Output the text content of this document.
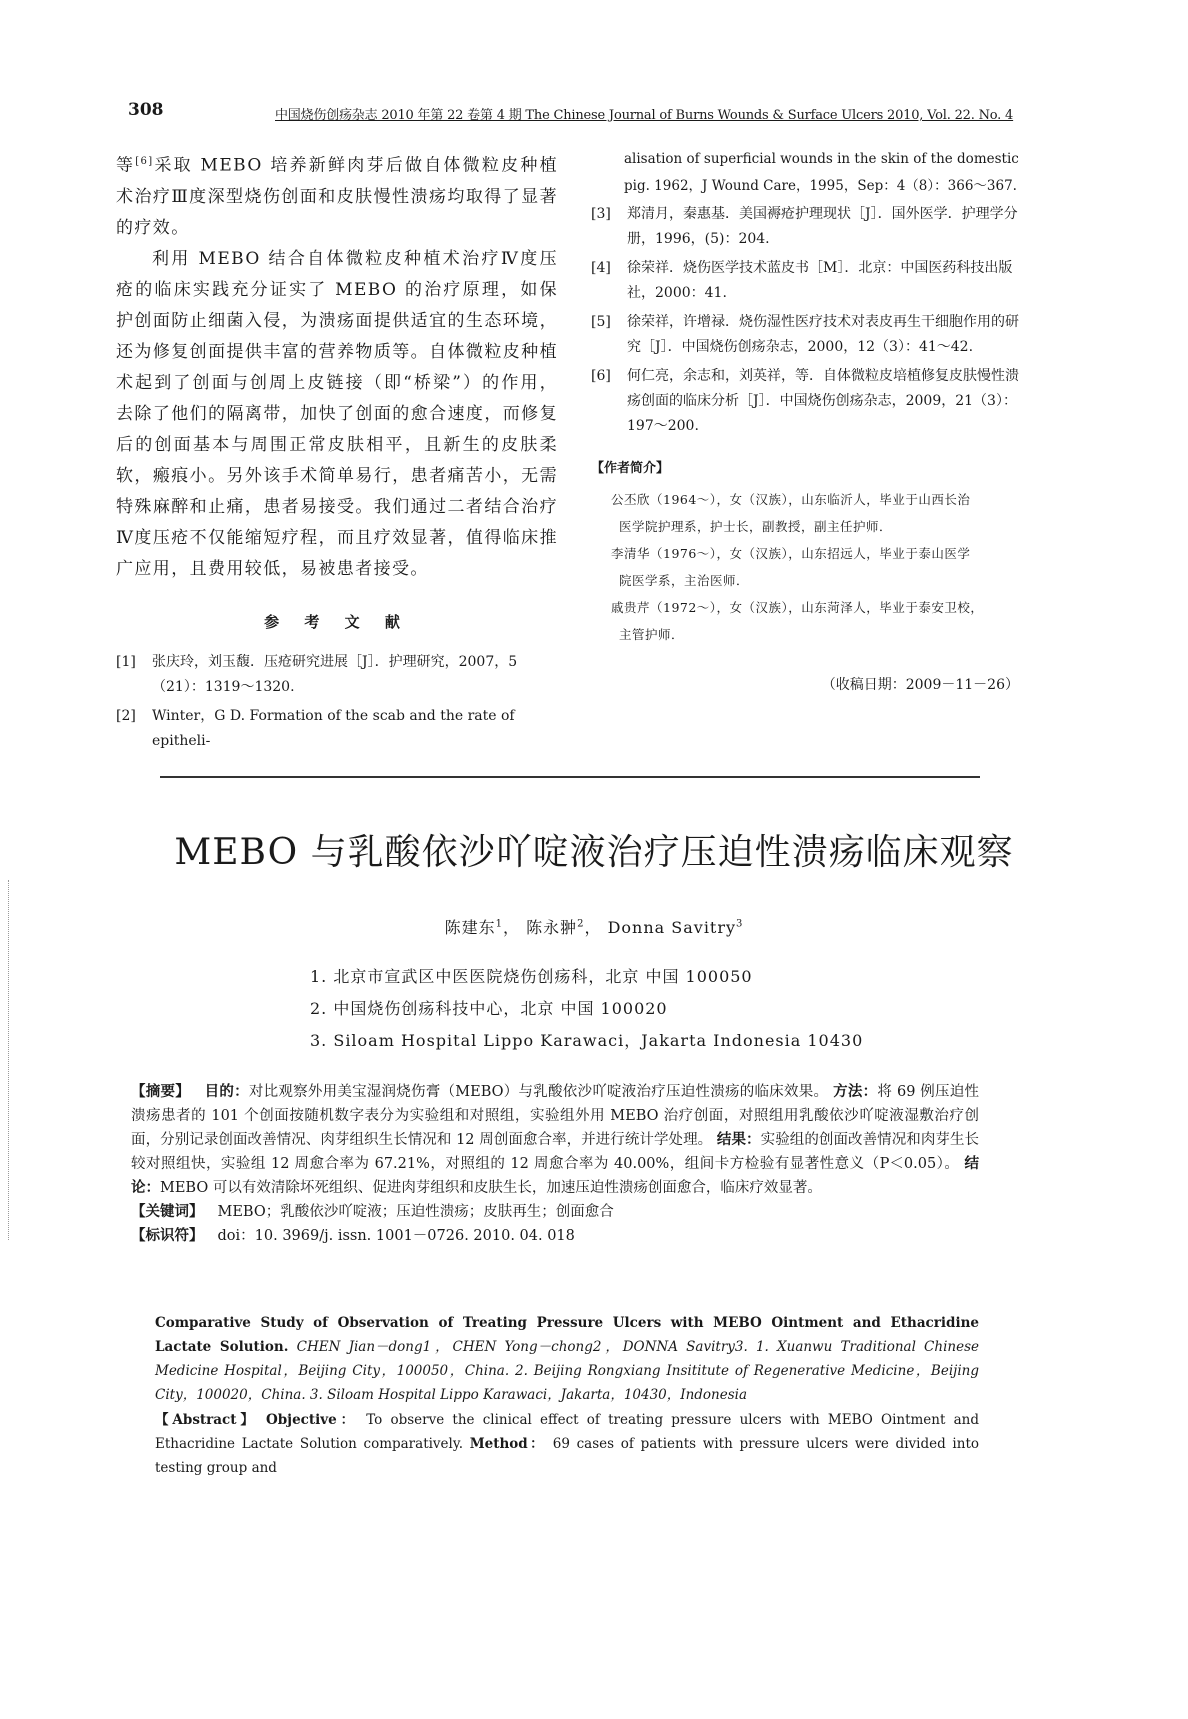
308	中国烧伤创疡杂志 2010 年第 22 卷第 4 期 The Chinese Journal of Burns Wounds & Surface Ulcers 2010, Vol. 22. No. 4

等[6]采取 MEBO 培养新鲜肉芽后做自体微粒皮种植术治疗Ⅲ度深型烧伤创面和皮肤慢性溃疡均取得了显著的疗效。

利用 MEBO 结合自体微粒皮种植术治疗Ⅳ度压疮的临床实践充分证实了 MEBO 的治疗原理，如保护创面防止细菌入侵，为溃疡面提供适宜的生态环境，还为修复创面提供丰富的营养物质等。自体微粒皮种植术起到了创面与创周上皮链接（即“桥梁”）的作用，去除了他们的隔离带，加快了创面的愈合速度，而修复后的创面基本与周围正常皮肤相平，且新生的皮肤柔软，瘢痕小。另外该手术简单易行，患者痛苦小，无需特殊麻醉和止痛，患者易接受。我们通过二者结合治疗Ⅳ度压疮不仅能缩短疗程，而且疗效显著，值得临床推广应用，且费用较低，易被患者接受。

参 考 文 献
[1]	张庆玲，刘玉馥．压疮研究进展［J］．护理研究，2007，5（21）：1319～1320.
[2]	Winter，G D. Formation of the scab and the rate of epitheli-
alisation of superficial wounds in the skin of the domestic pig. 1962，J Wound Care，1995，Sep：4（8）：366～367.
[3]	郑清月，秦惠基．美国褥疮护理现状［J］．国外医学．护理学分册，1996，(5)：204.
[4]	徐荣祥．烧伤医学技术蓝皮书［M］．北京：中国医药科技出版社，2000：41.
[5]	徐荣祥，许增禄．烧伤湿性医疗技术对表皮再生干细胞作用的研究［J］．中国烧伤创疡杂志，2000，12（3）：41～42.
[6]	何仁亮，余志和，刘英祥，等．自体微粒皮培植修复皮肤慢性溃疡创面的临床分析［J］．中国烧伤创疡杂志，2009，21（3）：197～200.
【作者简介】
公丕欣（1964～），女（汉族），山东临沂人，毕业于山西长治
医学院护理系，护士长，副教授，副主任护师．
李清华（1976～），女（汉族），山东招远人，毕业于泰山医学
院医学系，主治医师．
戚贵芹（1972～），女（汉族），山东菏泽人，毕业于泰安卫校，
主管护师．
（收稿日期：2009－11－26）
MEBO 与乳酸依沙吖啶液治疗压迫性溃疡临床观察
陈建东$^1$， 陈永翀$^2$， Donna Savitry$^3$
1. 北京市宣武区中医医院烧伤创疡科，北京 中国 100050
2. 中国烧伤创疡科技中心，北京 中国 100020
3. Siloam Hospital Lippo Karawaci，Jakarta Indonesia 10430
【摘要】 目的：对比观察外用美宝湿润烧伤膏（MEBO）与乳酸依沙吖啶液治疗压迫性溃疡的临床效果。 方法：将 69 例压迫性溃疡患者的 101 个创面按随机数字表分为实验组和对照组，实验组外用 MEBO 治疗创面，对照组用乳酸依沙吖啶液湿敷治疗创面，分别记录创面改善情况、肉芽组织生长情况和 12 周创面愈合率，并进行统计学处理。 结果：实验组的创面改善情况和肉芽生长较对照组快，实验组 12 周愈合率为 67.21%，对照组的 12 周愈合率为 40.00%，组间卡方检验有显著性意义（P＜0.05）。 结论：MEBO 可以有效清除坏死组织、促进肉芽组织和皮肤生长，加速压迫性溃疡创面愈合，临床疗效显著。
【关键词】 MEBO；乳酸依沙吖啶液；压迫性溃疡；皮肤再生；创面愈合
【标识符】 doi：10. 3969/j. issn. 1001－0726. 2010. 04. 018
Comparative Study of Observation of Treating Pressure Ulcers with MEBO Ointment and Ethacridine Lactate Solution. CHEN Jian－dong1，CHEN Yong－chong2，DONNA Savitry3. 1. Xuanwu Traditional Chinese Medicine Hospital，Beijing City，100050，China. 2. Beijing Rongxiang Insititute of Regenerative Medicine，Beijing City，100020，China. 3. Siloam Hospital Lippo Karawaci，Jakarta，10430，Indonesia
【Abstract】 Objective： To observe the clinical effect of treating pressure ulcers with MEBO Ointment and Ethacridine Lactate Solution comparatively. Method： 69 cases of patients with pressure ulcers were divided into testing group and
